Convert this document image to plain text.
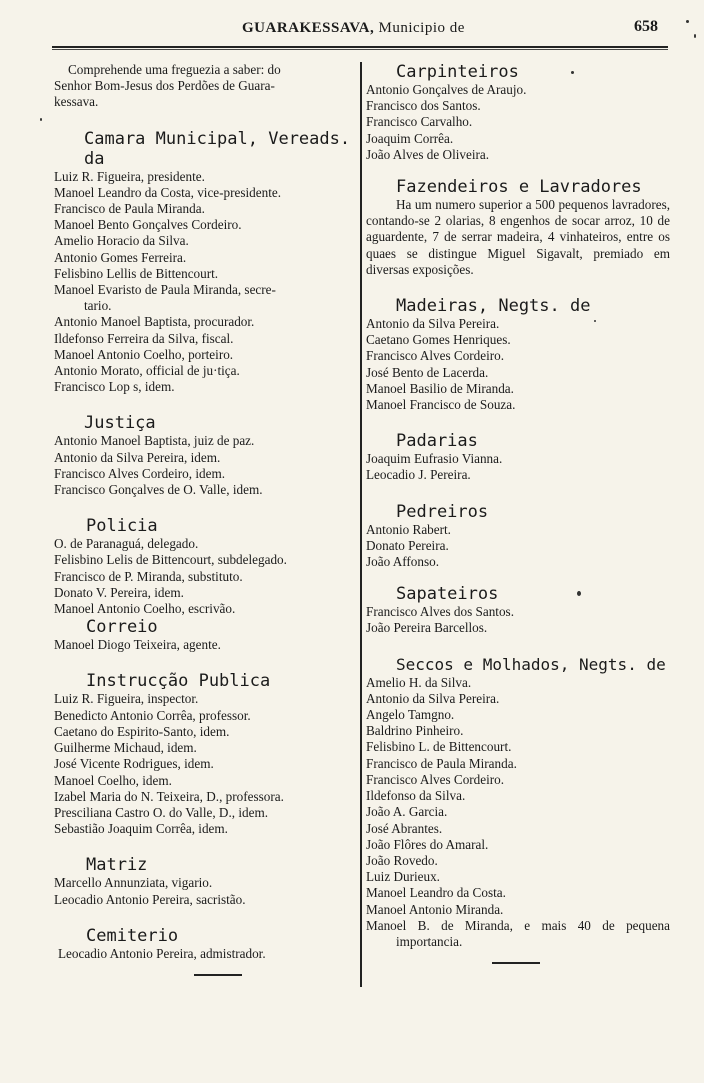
GUARAKESSAVA, Municipio de	658
Comprehende uma freguezia a saber: do
Senhor Bom-Jesus dos Perdões de Guara-
kessava.
Camara Municipal, Vereads. da
Luiz R. Figueira, presidente.
Manoel Leandro da Costa, vice-presidente.
Francisco de Paula Miranda.
Manoel Bento Gonçalves Cordeiro.
Amelio Horacio da Silva.
Antonio Gomes Ferreira.
Felisbino Lellis de Bittencourt.
Manoel Evaristo de Paula Miranda, secre-
tario.
Antonio Manoel Baptista, procurador.
Ildefonso Ferreira da Silva, fiscal.
Manoel Antonio Coelho, porteiro.
Antonio Morato, official de ju·tiça.
Francisco Lop s, idem.
Justiça
Antonio Manoel Baptista, juiz de paz.
Antonio da Silva Pereira, idem.
Francisco Alves Cordeiro, idem.
Francisco Gonçalves de O. Valle, idem.
Policia
O. de Paranaguá, delegado.
Felisbino Lelis de Bittencourt, subdelegado.
Francisco de P. Miranda, substituto.
Donato V. Pereira, idem.
Manoel Antonio Coelho, escrivão.
Correio
Manoel Diogo Teixeira, agente.
Instrucção Publica
Luiz R. Figueira, inspector.
Benedicto Antonio Corrêa, professor.
Caetano do Espirito-Santo, idem.
Guilherme Michaud, idem.
José Vicente Rodrigues, idem.
Manoel Coelho, idem.
Izabel Maria do N. Teixeira, D., professora.
Presciliana Castro O. do Valle, D., idem.
Sebastião Joaquim Corrêa, idem.
Matriz
Marcello Annunziata, vigario.
Leocadio Antonio Pereira, sacristão.
Cemiterio
Leocadio Antonio Pereira, admistrador.
Carpinteiros
Antonio Gonçalves de Araujo.
Francisco dos Santos.
Francisco Carvalho.
Joaquim Corrêa.
João Alves de Oliveira.
Fazendeiros e Lavradores
Ha um numero superior a 500 pequenos lavradores, contando-se 2 olarias, 8 engenhos de socar arroz, 10 de aguardente, 7 de serrar madeira, 4 vinhateiros, entre os quaes se distingue Miguel Sigavalt, premiado em diversas exposições.
Madeiras, Negts. de
Antonio da Silva Pereira.
Caetano Gomes Henriques.
Francisco Alves Cordeiro.
José Bento de Lacerda.
Manoel Basilio de Miranda.
Manoel Francisco de Souza.
Padarias
Joaquim Eufrasio Vianna.
Leocadio J. Pereira.
Pedreiros
Antonio Rabert.
Donato Pereira.
João Affonso.
Sapateiros
Francisco Alves dos Santos.
João Pereira Barcellos.
Seccos e Molhados, Negts. de
Amelio H. da Silva.
Antonio da Silva Pereira.
Angelo Tamgno.
Baldrino Pinheiro.
Felisbino L. de Bittencourt.
Francisco de Paula Miranda.
Francisco Alves Cordeiro.
Ildefonso da Silva.
João A. Garcia.
José Abrantes.
João Flôres do Amaral.
João Rovedo.
Luiz Durieux.
Manoel Leandro da Costa.
Manoel Antonio Miranda.
Manoel B. de Miranda, e mais 40 de pequena importancia.
